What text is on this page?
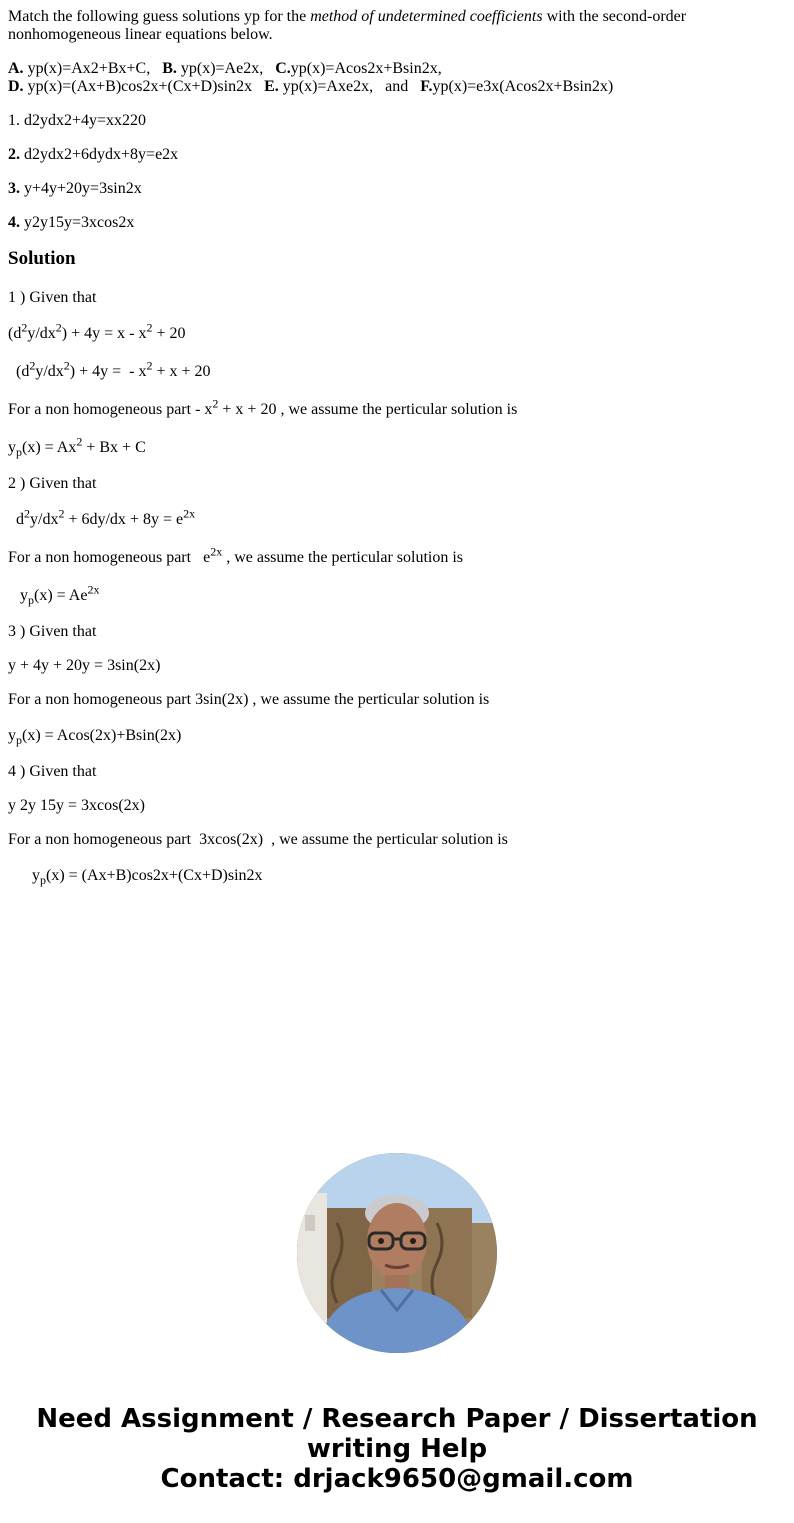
Match the following guess solutions yp for the method of undetermined coefficients with the second-order nonhomogeneous linear equations below.

A. yp(x)=Ax2+Bx+C,   B. yp(x)=Ae2x,   C.yp(x)=Acos2x+Bsin2x,
D. yp(x)=(Ax+B)cos2x+(Cx+D)sin2x   E. yp(x)=Axe2x,   and   F.yp(x)=e3x(Acos2x+Bsin2x)

1. d2ydx2+4y=xx220

2. d2ydx2+6dydx+8y=e2x

3. y+4y+20y=3sin2x

4. y2y15y=3xcos2x

Solution

1 ) Given that

$(d^2y/dx^2) + 4y = x - x^2 + 20$

$(d^2y/dx^2) + 4y$ =  - $x^2 + x + 20$

For a non homogeneous part - $x^2 + x + 20$ , we assume the perticular solution is

$y_p(x) = Ax^2 + Bx + C$

2 ) Given that

$d^2y/dx^2 + 6dy/dx + 8y = e^{2x}$

For a non homogeneous part   $e^{2x}$ , we assume the perticular solution is

$y_p(x) = Ae^{2x}$

3 ) Given that

y + 4y + 20y = 3sin(2x)

For a non homogeneous part 3sin(2x) , we assume the perticular solution is

$y_p(x) = Acos(2x)+Bsin(2x)$

4 ) Given that

y 2y 15y = 3xcos(2x)

For a non homogeneous part  3xcos(2x)  , we assume the perticular solution is

$y_p(x) = (Ax+B)\cos 2x+(Cx+D)\sin 2x$

Need Assignment / Research Paper / Dissertation
writing Help
Contact: drjack9650@gmail.com
